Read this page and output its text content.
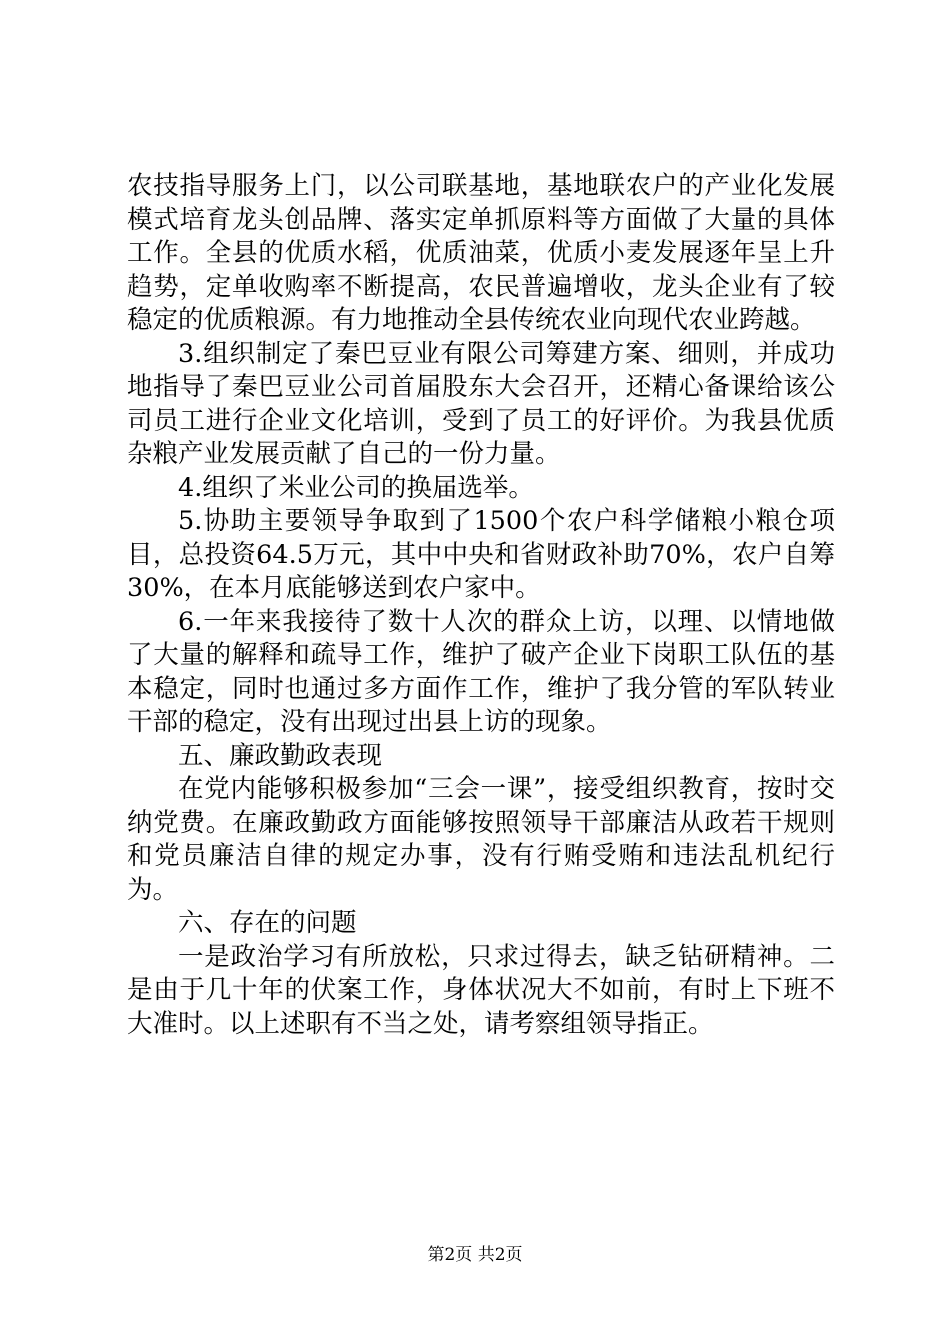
农技指导服务上门，以公司联基地，基地联农户的产业化发展模式培育龙头创品牌、落实定单抓原料等方面做了大量的具体工作。全县的优质水稻，优质油菜，优质小麦发展逐年呈上升趋势，定单收购率不断提高，农民普遍增收，龙头企业有了较稳定的优质粮源。有力地推动全县传统农业向现代农业跨越。

3.组织制定了秦巴豆业有限公司筹建方案、细则，并成功地指导了秦巴豆业公司首届股东大会召开，还精心备课给该公司员工进行企业文化培训，受到了员工的好评价。为我县优质杂粮产业发展贡献了自己的一份力量。

4.组织了米业公司的换届选举。

5.协助主要领导争取到了1500个农户科学储粮小粮仓项目，总投资64.5万元，其中中央和省财政补助70%，农户自筹30%，在本月底能够送到农户家中。

6.一年来我接待了数十人次的群众上访，以理、以情地做了大量的解释和疏导工作，维护了破产企业下岗职工队伍的基本稳定，同时也通过多方面作工作，维护了我分管的军队转业干部的稳定，没有出现过出县上访的现象。

五、廉政勤政表现

在党内能够积极参加“三会一课”，接受组织教育，按时交纳党费。在廉政勤政方面能够按照领导干部廉洁从政若干规则和党员廉洁自律的规定办事，没有行贿受贿和违法乱机纪行为。

六、存在的问题

一是政治学习有所放松，只求过得去，缺乏钻研精神。二是由于几十年的伏案工作，身体状况大不如前，有时上下班不大准时。以上述职有不当之处，请考察组领导指正。

第2页 共2页
